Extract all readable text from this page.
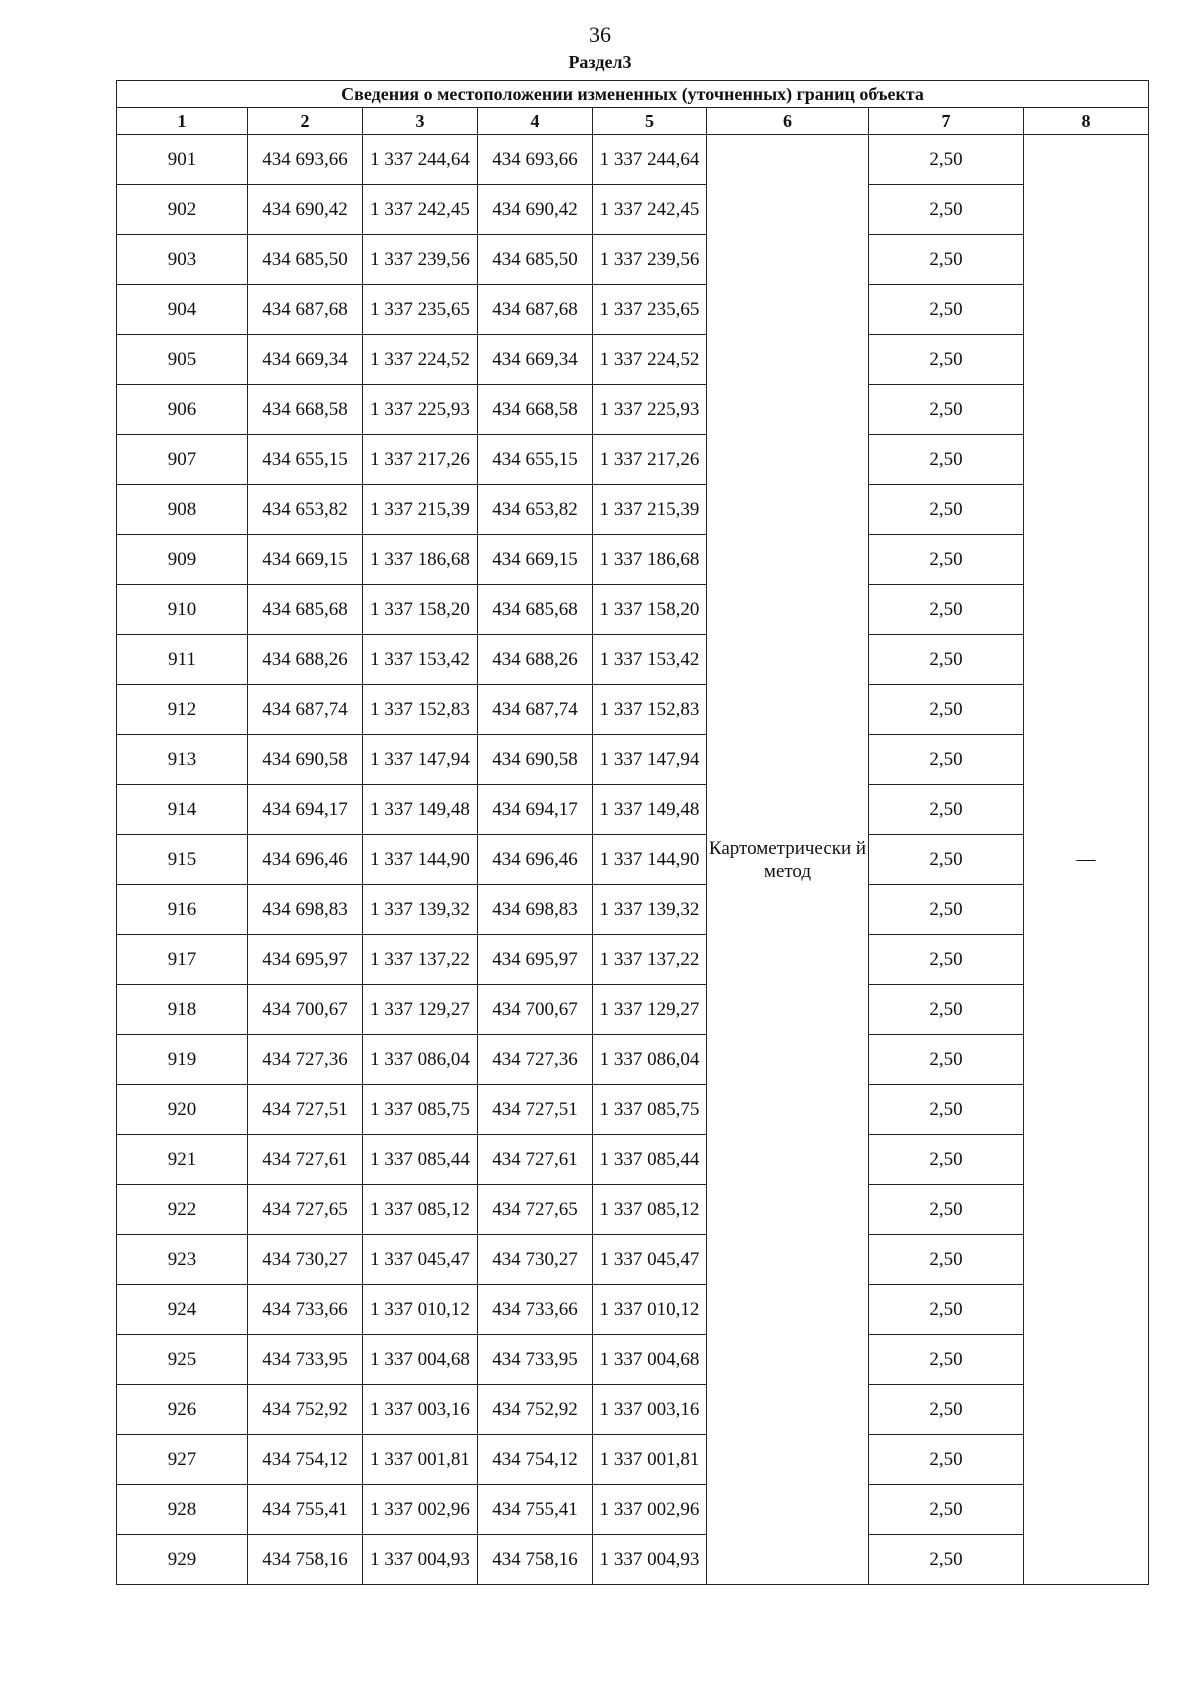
36
Раздел3
Сведения о местоположении измененных (уточненных) границ объекта							
1	2	3	4	5	6	7	8
901	434 693,66	1 337 244,64	434 693,66	1 337 244,64	Картометрически й метод	2,50	—
902	434 690,42	1 337 242,45	434 690,42	1 337 242,45		2,50	
903	434 685,50	1 337 239,56	434 685,50	1 337 239,56		2,50	
904	434 687,68	1 337 235,65	434 687,68	1 337 235,65		2,50	
905	434 669,34	1 337 224,52	434 669,34	1 337 224,52		2,50	
906	434 668,58	1 337 225,93	434 668,58	1 337 225,93		2,50	
907	434 655,15	1 337 217,26	434 655,15	1 337 217,26		2,50	
908	434 653,82	1 337 215,39	434 653,82	1 337 215,39		2,50	
909	434 669,15	1 337 186,68	434 669,15	1 337 186,68		2,50	
910	434 685,68	1 337 158,20	434 685,68	1 337 158,20		2,50	
911	434 688,26	1 337 153,42	434 688,26	1 337 153,42		2,50	
912	434 687,74	1 337 152,83	434 687,74	1 337 152,83		2,50	
913	434 690,58	1 337 147,94	434 690,58	1 337 147,94		2,50	
914	434 694,17	1 337 149,48	434 694,17	1 337 149,48		2,50	
915	434 696,46	1 337 144,90	434 696,46	1 337 144,90		2,50	
916	434 698,83	1 337 139,32	434 698,83	1 337 139,32		2,50	
917	434 695,97	1 337 137,22	434 695,97	1 337 137,22		2,50	
918	434 700,67	1 337 129,27	434 700,67	1 337 129,27		2,50	
919	434 727,36	1 337 086,04	434 727,36	1 337 086,04		2,50	
920	434 727,51	1 337 085,75	434 727,51	1 337 085,75		2,50	
921	434 727,61	1 337 085,44	434 727,61	1 337 085,44		2,50	
922	434 727,65	1 337 085,12	434 727,65	1 337 085,12		2,50	
923	434 730,27	1 337 045,47	434 730,27	1 337 045,47		2,50	
924	434 733,66	1 337 010,12	434 733,66	1 337 010,12		2,50	
925	434 733,95	1 337 004,68	434 733,95	1 337 004,68		2,50	
926	434 752,92	1 337 003,16	434 752,92	1 337 003,16		2,50	
927	434 754,12	1 337 001,81	434 754,12	1 337 001,81		2,50	
928	434 755,41	1 337 002,96	434 755,41	1 337 002,96		2,50	
929	434 758,16	1 337 004,93	434 758,16	1 337 004,93		2,50	
